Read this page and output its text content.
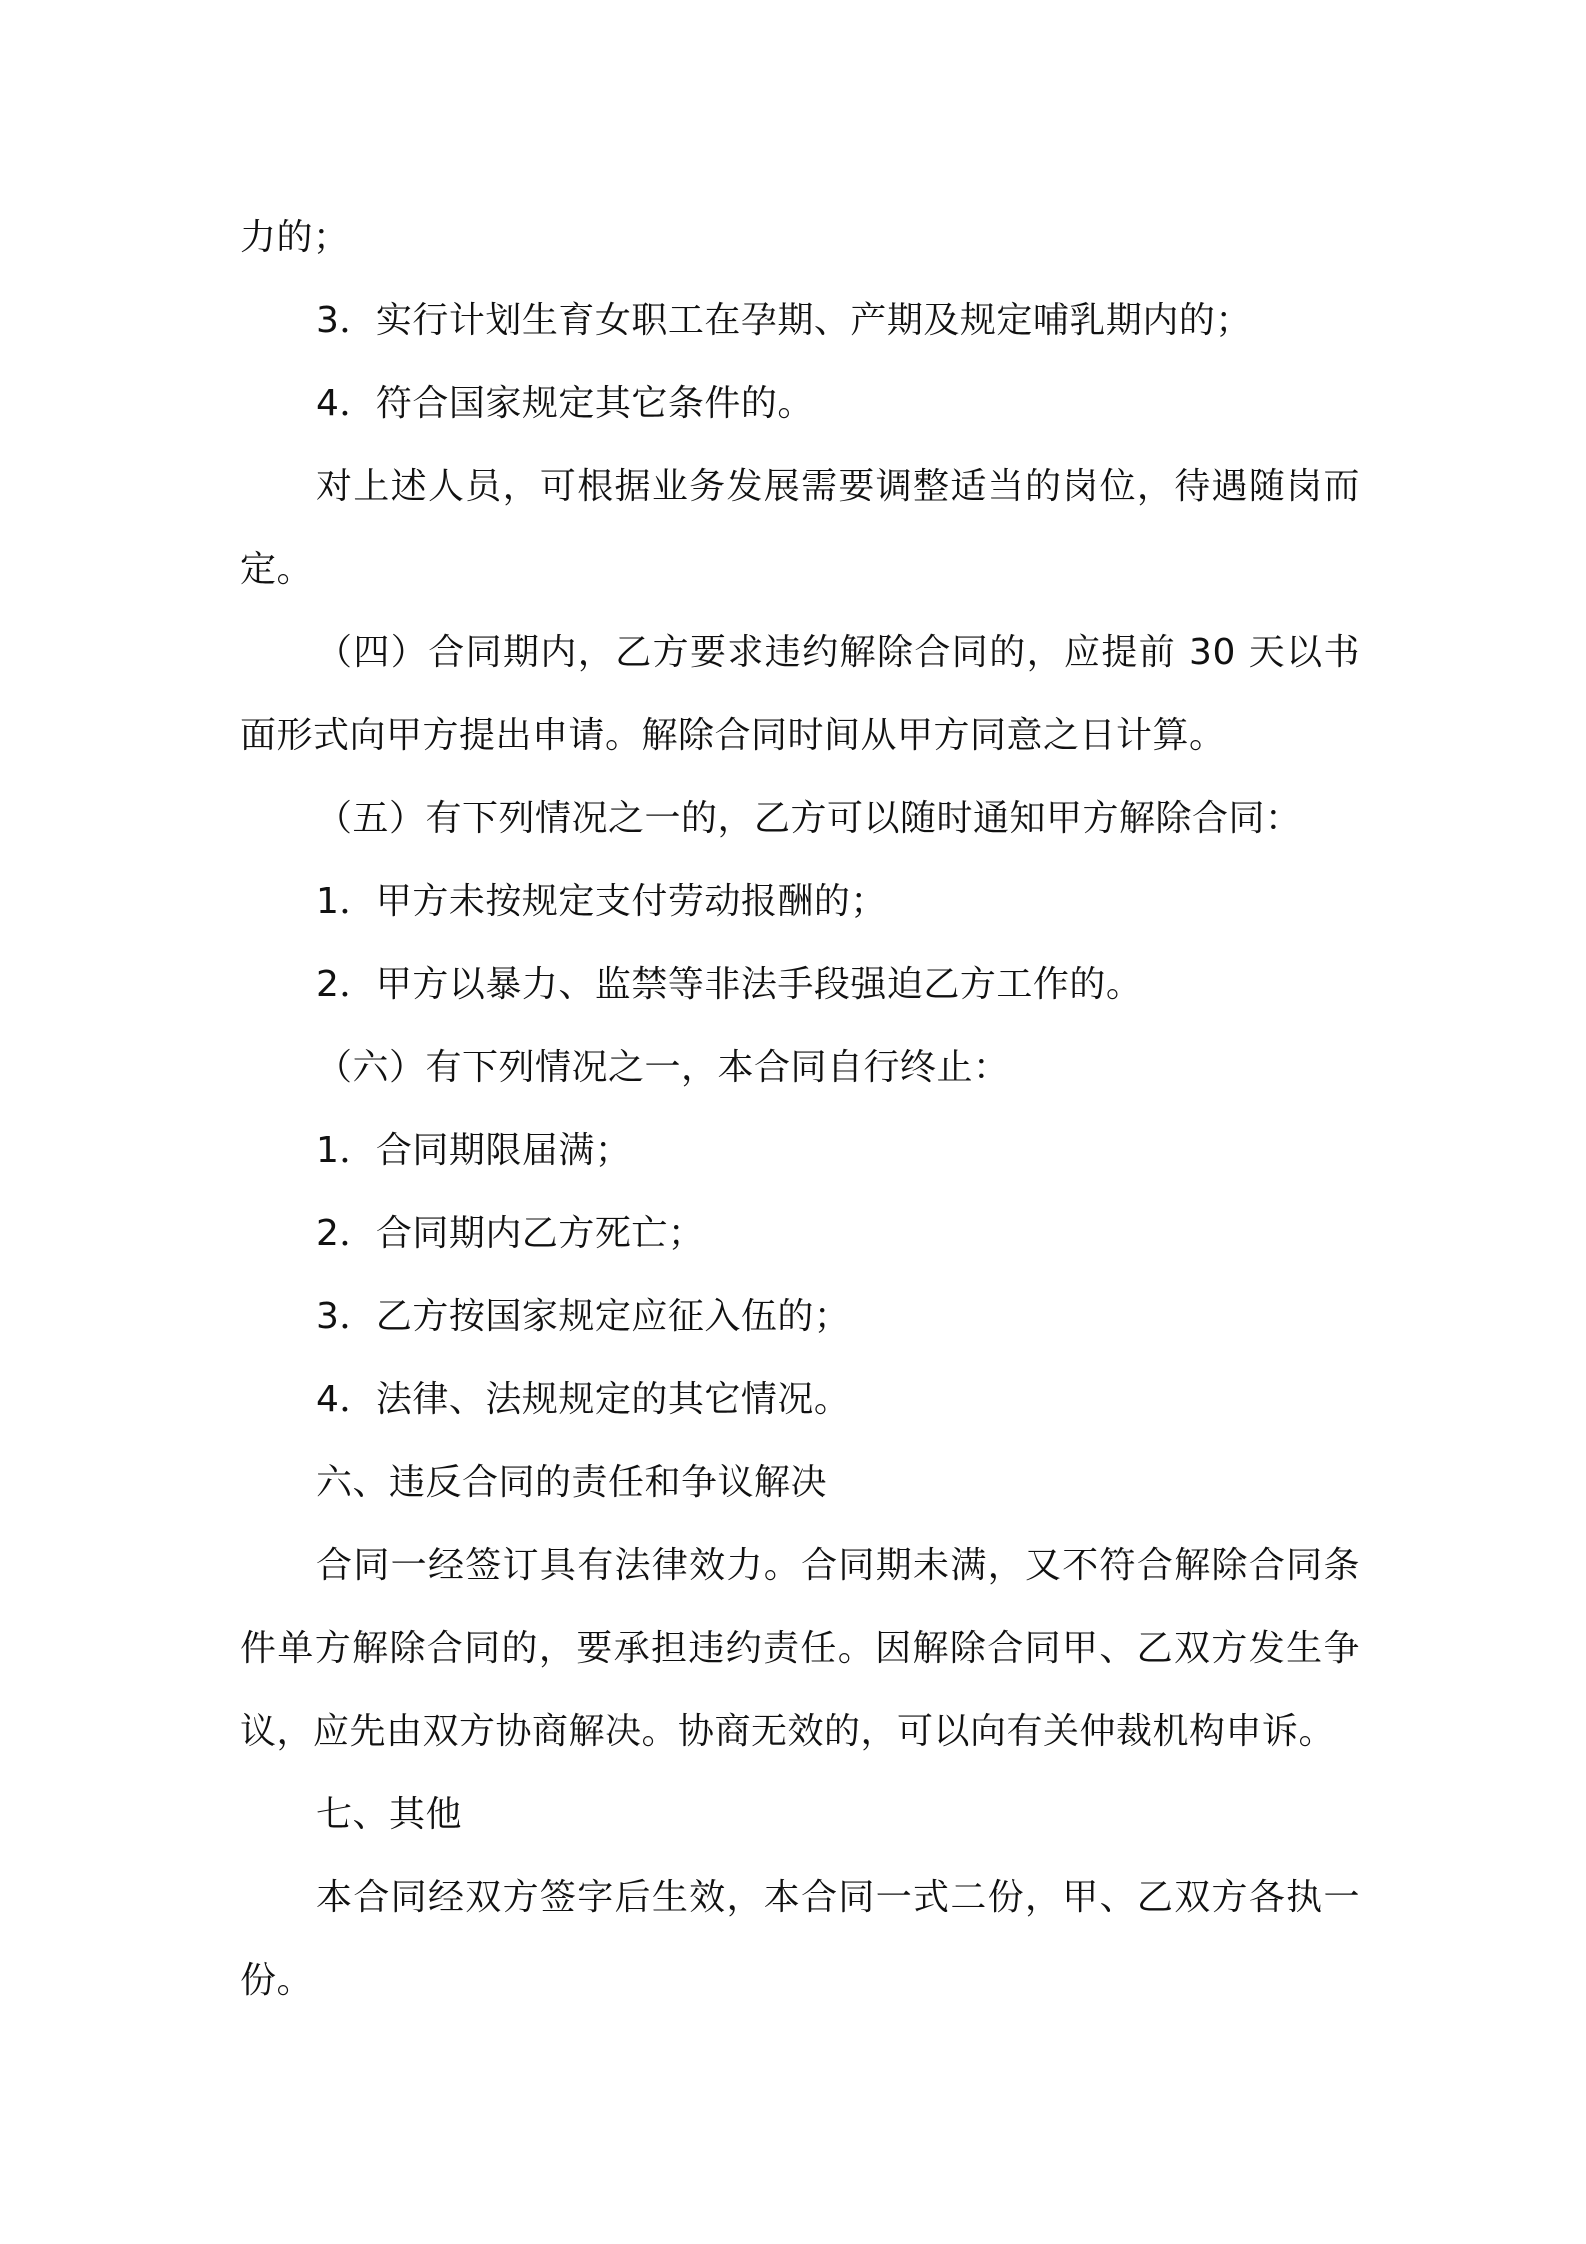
力的；

3．实行计划生育女职工在孕期、产期及规定哺乳期内的；

4．符合国家规定其它条件的。

对上述人员，可根据业务发展需要调整适当的岗位，待遇随岗而定。

（四）合同期内，乙方要求违约解除合同的，应提前 30 天以书面形式向甲方提出申请。解除合同时间从甲方同意之日计算。

（五）有下列情况之一的，乙方可以随时通知甲方解除合同：

1．甲方未按规定支付劳动报酬的；

2．甲方以暴力、监禁等非法手段强迫乙方工作的。

（六）有下列情况之一，本合同自行终止：

1．合同期限届满；

2．合同期内乙方死亡；

3．乙方按国家规定应征入伍的；

4．法律、法规规定的其它情况。

六、违反合同的责任和争议解决

合同一经签订具有法律效力。合同期未满，又不符合解除合同条件单方解除合同的，要承担违约责任。因解除合同甲、乙双方发生争议，应先由双方协商解决。协商无效的，可以向有关仲裁机构申诉。

七、其他

本合同经双方签字后生效，本合同一式二份，甲、乙双方各执一份。
